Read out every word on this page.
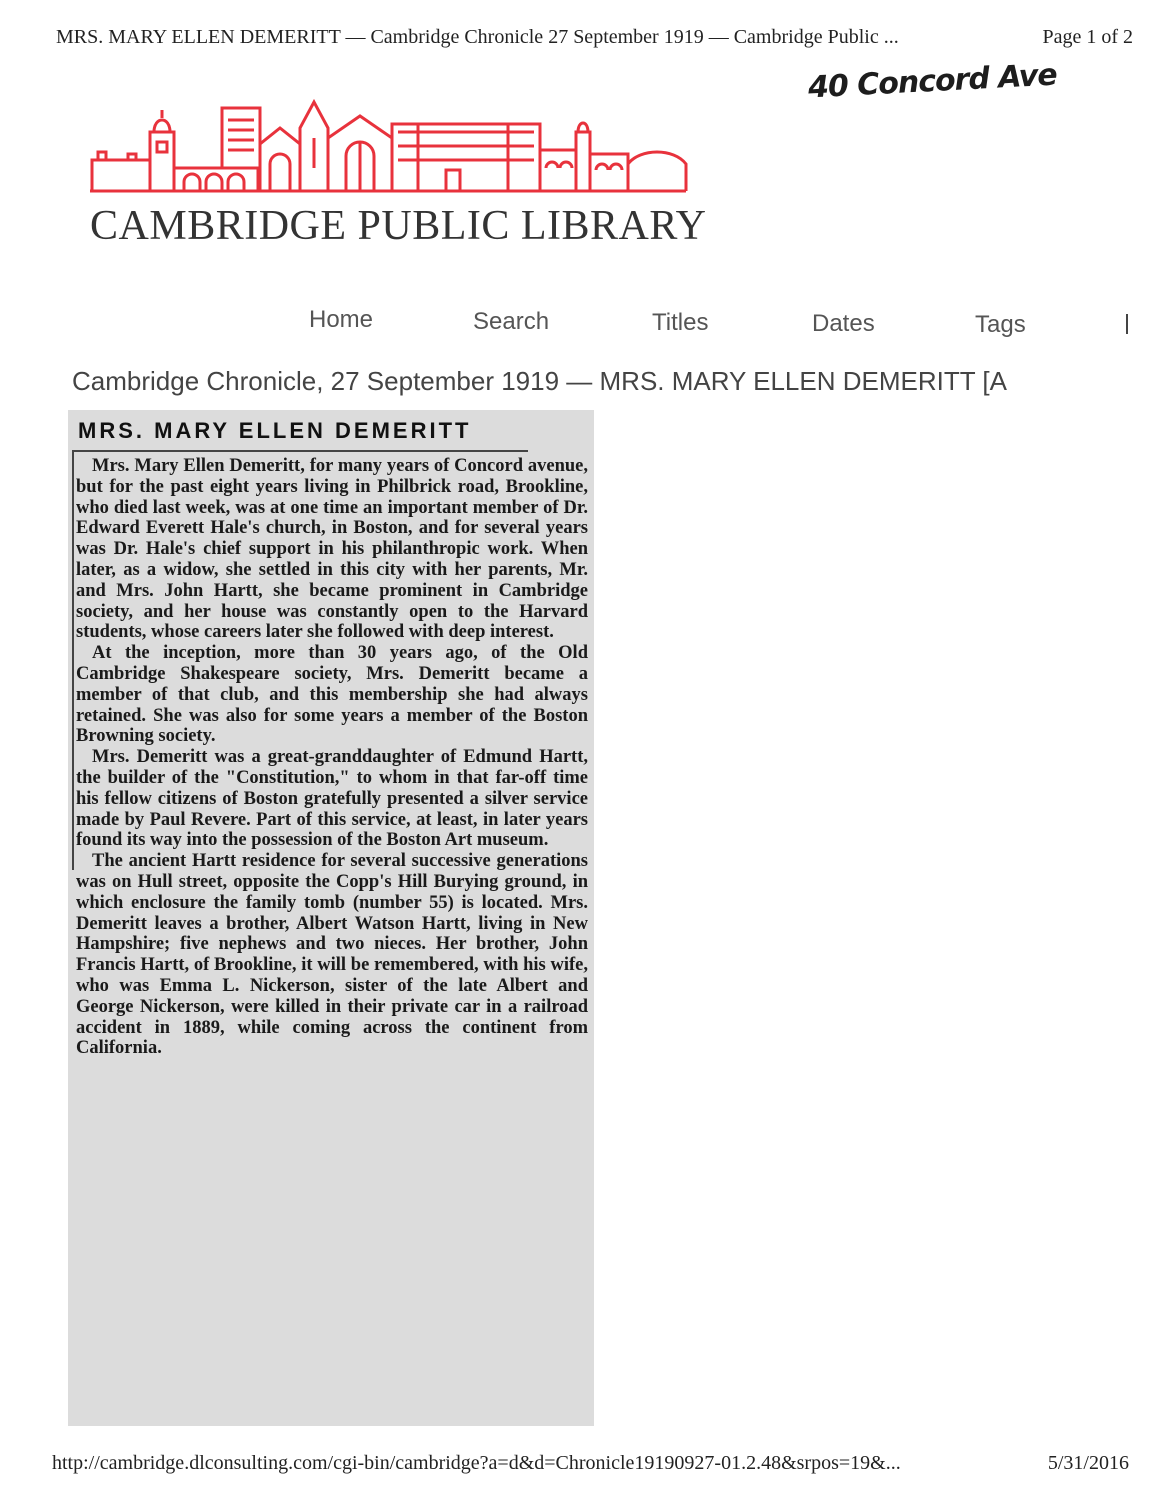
MRS. MARY ELLEN DEMERITT — Cambridge Chronicle 27 September 1919 — Cambridge Public ...	Page 1 of 2
40 Concord Ave
CAMBRIDGE PUBLIC LIBRARY
Home	Search	Titles	Dates	Tags
Cambridge Chronicle, 27 September 1919 — MRS. MARY ELLEN DEMERITT [A
MRS. MARY ELLEN DEMERITT

Mrs. Mary Ellen Demeritt, for many years of Concord avenue, but for the past eight years living in Philbrick road, Brookline, who died last week, was at one time an important member of Dr. Edward Everett Hale's church, in Boston, and for several years was Dr. Hale's chief support in his philanthropic work. When later, as a widow, she settled in this city with her parents, Mr. and Mrs. John Hartt, she became prominent in Cambridge society, and her house was constantly open to the Harvard students, whose careers later she followed with deep interest.

At the inception, more than 30 years ago, of the Old Cambridge Shakespeare society, Mrs. Demeritt became a member of that club, and this membership she had always retained. She was also for some years a member of the Boston Browning society.

Mrs. Demeritt was a great-granddaughter of Edmund Hartt, the builder of the "Constitution," to whom in that far-off time his fellow citizens of Boston gratefully presented a silver service made by Paul Revere. Part of this service, at least, in later years found its way into the possession of the Boston Art museum.

The ancient Hartt residence for several successive generations was on Hull street, opposite the Copp's Hill Burying ground, in which enclosure the family tomb (number 55) is located. Mrs. Demeritt leaves a brother, Albert Watson Hartt, living in New Hampshire; five nephews and two nieces. Her brother, John Francis Hartt, of Brookline, it will be remembered, with his wife, who was Emma L. Nickerson, sister of the late Albert and George Nickerson, were killed in their private car in a railroad accident in 1889, while coming across the continent from California.

http://cambridge.dlconsulting.com/cgi-bin/cambridge?a=d&d=Chronicle19190927-01.2.48&srpos=19&...	5/31/2016
